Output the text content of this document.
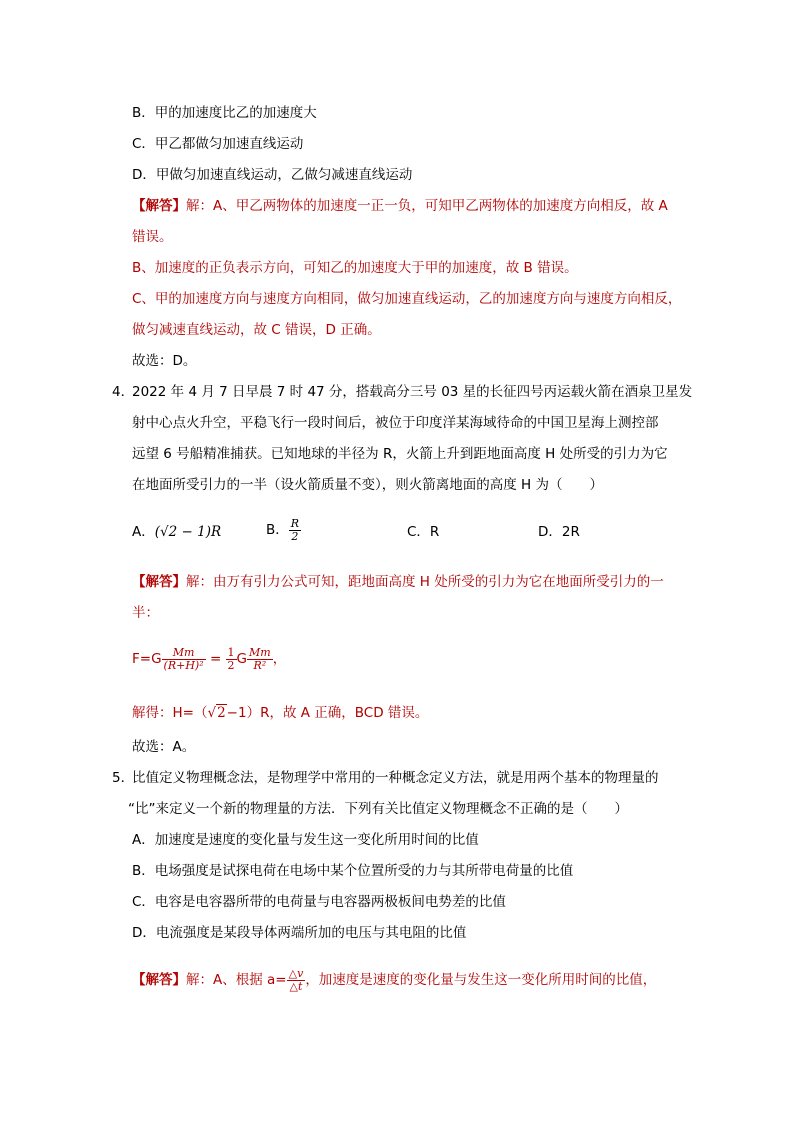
B．甲的加速度比乙的加速度大
C．甲乙都做匀加速直线运动
D．甲做匀加速直线运动，乙做匀减速直线运动
【解答】解：A、甲乙两物体的加速度一正一负，可知甲乙两物体的加速度方向相反，故 A
错误。
B、加速度的正负表示方向，可知乙的加速度大于甲的加速度，故 B 错误。
C、甲的加速度方向与速度方向相同，做匀加速直线运动，乙的加速度方向与速度方向相反，
做匀减速直线运动，故 C 错误，D 正确。
故选：D。
4．
2022 年 4 月 7 日早晨 7 时 47 分，搭载高分三号 03 星的长征四号丙运载火箭在酒泉卫星发
射中心点火升空，平稳飞行一段时间后，被位于印度洋某海域待命的中国卫星海上测控部
远望 6 号船精准捕获。已知地球的半径为 R，火箭上升到距地面高度 H 处所受的引力为它
在地面所受引力的一半（设火箭质量不变），则火箭离地面的高度 H 为（　　）
A．(√2 − 1)R	B． $\frac{R}{2}$	C．R	D．2R
【解答】解：由万有引力公式可知，距地面高度 H 处所受的引力为它在地面所受引力的一
半：
$F=G \frac{Mm}{\text{(R+H)²}} = \frac{1}{2}$ G $\frac{Mm}{\text{R²}}$ ，
解得：H=（√2−1）R，故 A 正确，BCD 错误。
故选：A。
5．
比值定义物理概念法，是物理学中常用的一种概念定义方法，就是用两个基本的物理量的
“比”来定义一个新的物理量的方法．下列有关比值定义物理概念不正确的是（　　）
A．加速度是速度的变化量与发生这一变化所用时间的比值
B．电场强度是试探电荷在电场中某个位置所受的力与其所带电荷量的比值
C．电容是电容器所带的电荷量与电容器两极板间电势差的比值
D．电流强度是某段导体两端所加的电压与其电阻的比值
【解答】解：A、根据 $a= \frac{\triangle v}{\triangle t}$ ，加速度是速度的变化量与发生这一变化所用时间的比值，
